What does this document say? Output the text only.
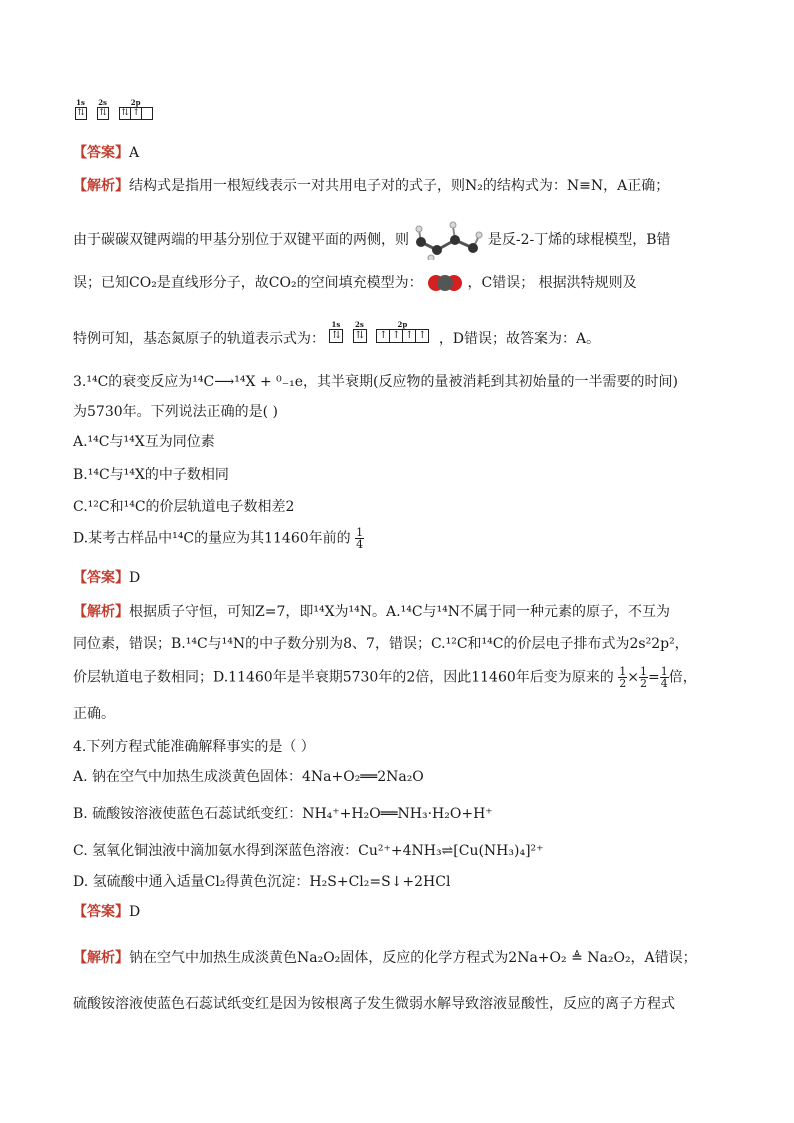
1s
⇅
2s
⇅
2p
⇅ ↑
【答案】A
【解析】结构式是指用一根短线表示一对共用电子对的式子，则N₂的结构式为：N≡N，A正确；
由于碳碳双键两端的甲基分别位于双键平面的两侧，则	是反-2-丁烯的球棍模型，B错
误；已知CO₂是直线形分子，故CO₂的空间填充模型为：	，C错误； 根据洪特规则及
特例可知，基态氮原子的轨道表示式为：
1s
⇅
2s
⇅
2p
↑ ↑ ↑ ↑ ，D错误；故答案为：A。
3.¹⁴C的衰变反应为¹⁴C⟶¹⁴X + ⁰₋₁e，其半衰期(反应物的量被消耗到其初始量的一半需要的时间)
为5730年。下列说法正确的是( )
A.¹⁴C与¹⁴X互为同位素
B.¹⁴C与¹⁴X的中子数相同
C.¹²C和¹⁴C的价层轨道电子数相差2
D.某考古样品中¹⁴C的量应为其11460年前的 $\frac{1}{4}$
【答案】D
【解析】根据质子守恒，可知Z=7，即¹⁴X为¹⁴N。A.¹⁴C与¹⁴N不属于同一种元素的原子，不互为
同位素，错误；B.¹⁴C与¹⁴N的中子数分别为8、7，错误；C.¹²C和¹⁴C的价层电子排布式为2s²2p²，
价层轨道电子数相同；D.11460年是半衰期5730年的2倍，因此11460年后变为原来的 $\frac{1}{2} \times \frac{1}{2} = \frac{1}{4}$ 倍，
正确。
4.下列方程式能准确解释事实的是（ ）
A. 钠在空气中加热生成淡黄色固体：4Na+O₂══2Na₂O
B. 硫酸铵溶液使蓝色石蕊试纸变红：NH₄⁺+H₂O══NH₃·H₂O+H⁺
C. 氢氧化铜浊液中滴加氨水得到深蓝色溶液：Cu²⁺+4NH₃⇌[Cu(NH₃)₄]²⁺
D. 氢硫酸中通入适量Cl₂得黄色沉淀：H₂S+Cl₂=S↓+2HCl
【答案】D
【解析】钠在空气中加热生成淡黄色Na₂O₂固体，反应的化学方程式为2Na+O₂ ≜ Na₂O₂，A错误；
硫酸铵溶液使蓝色石蕊试纸变红是因为铵根离子发生微弱水解导致溶液显酸性，反应的离子方程式
